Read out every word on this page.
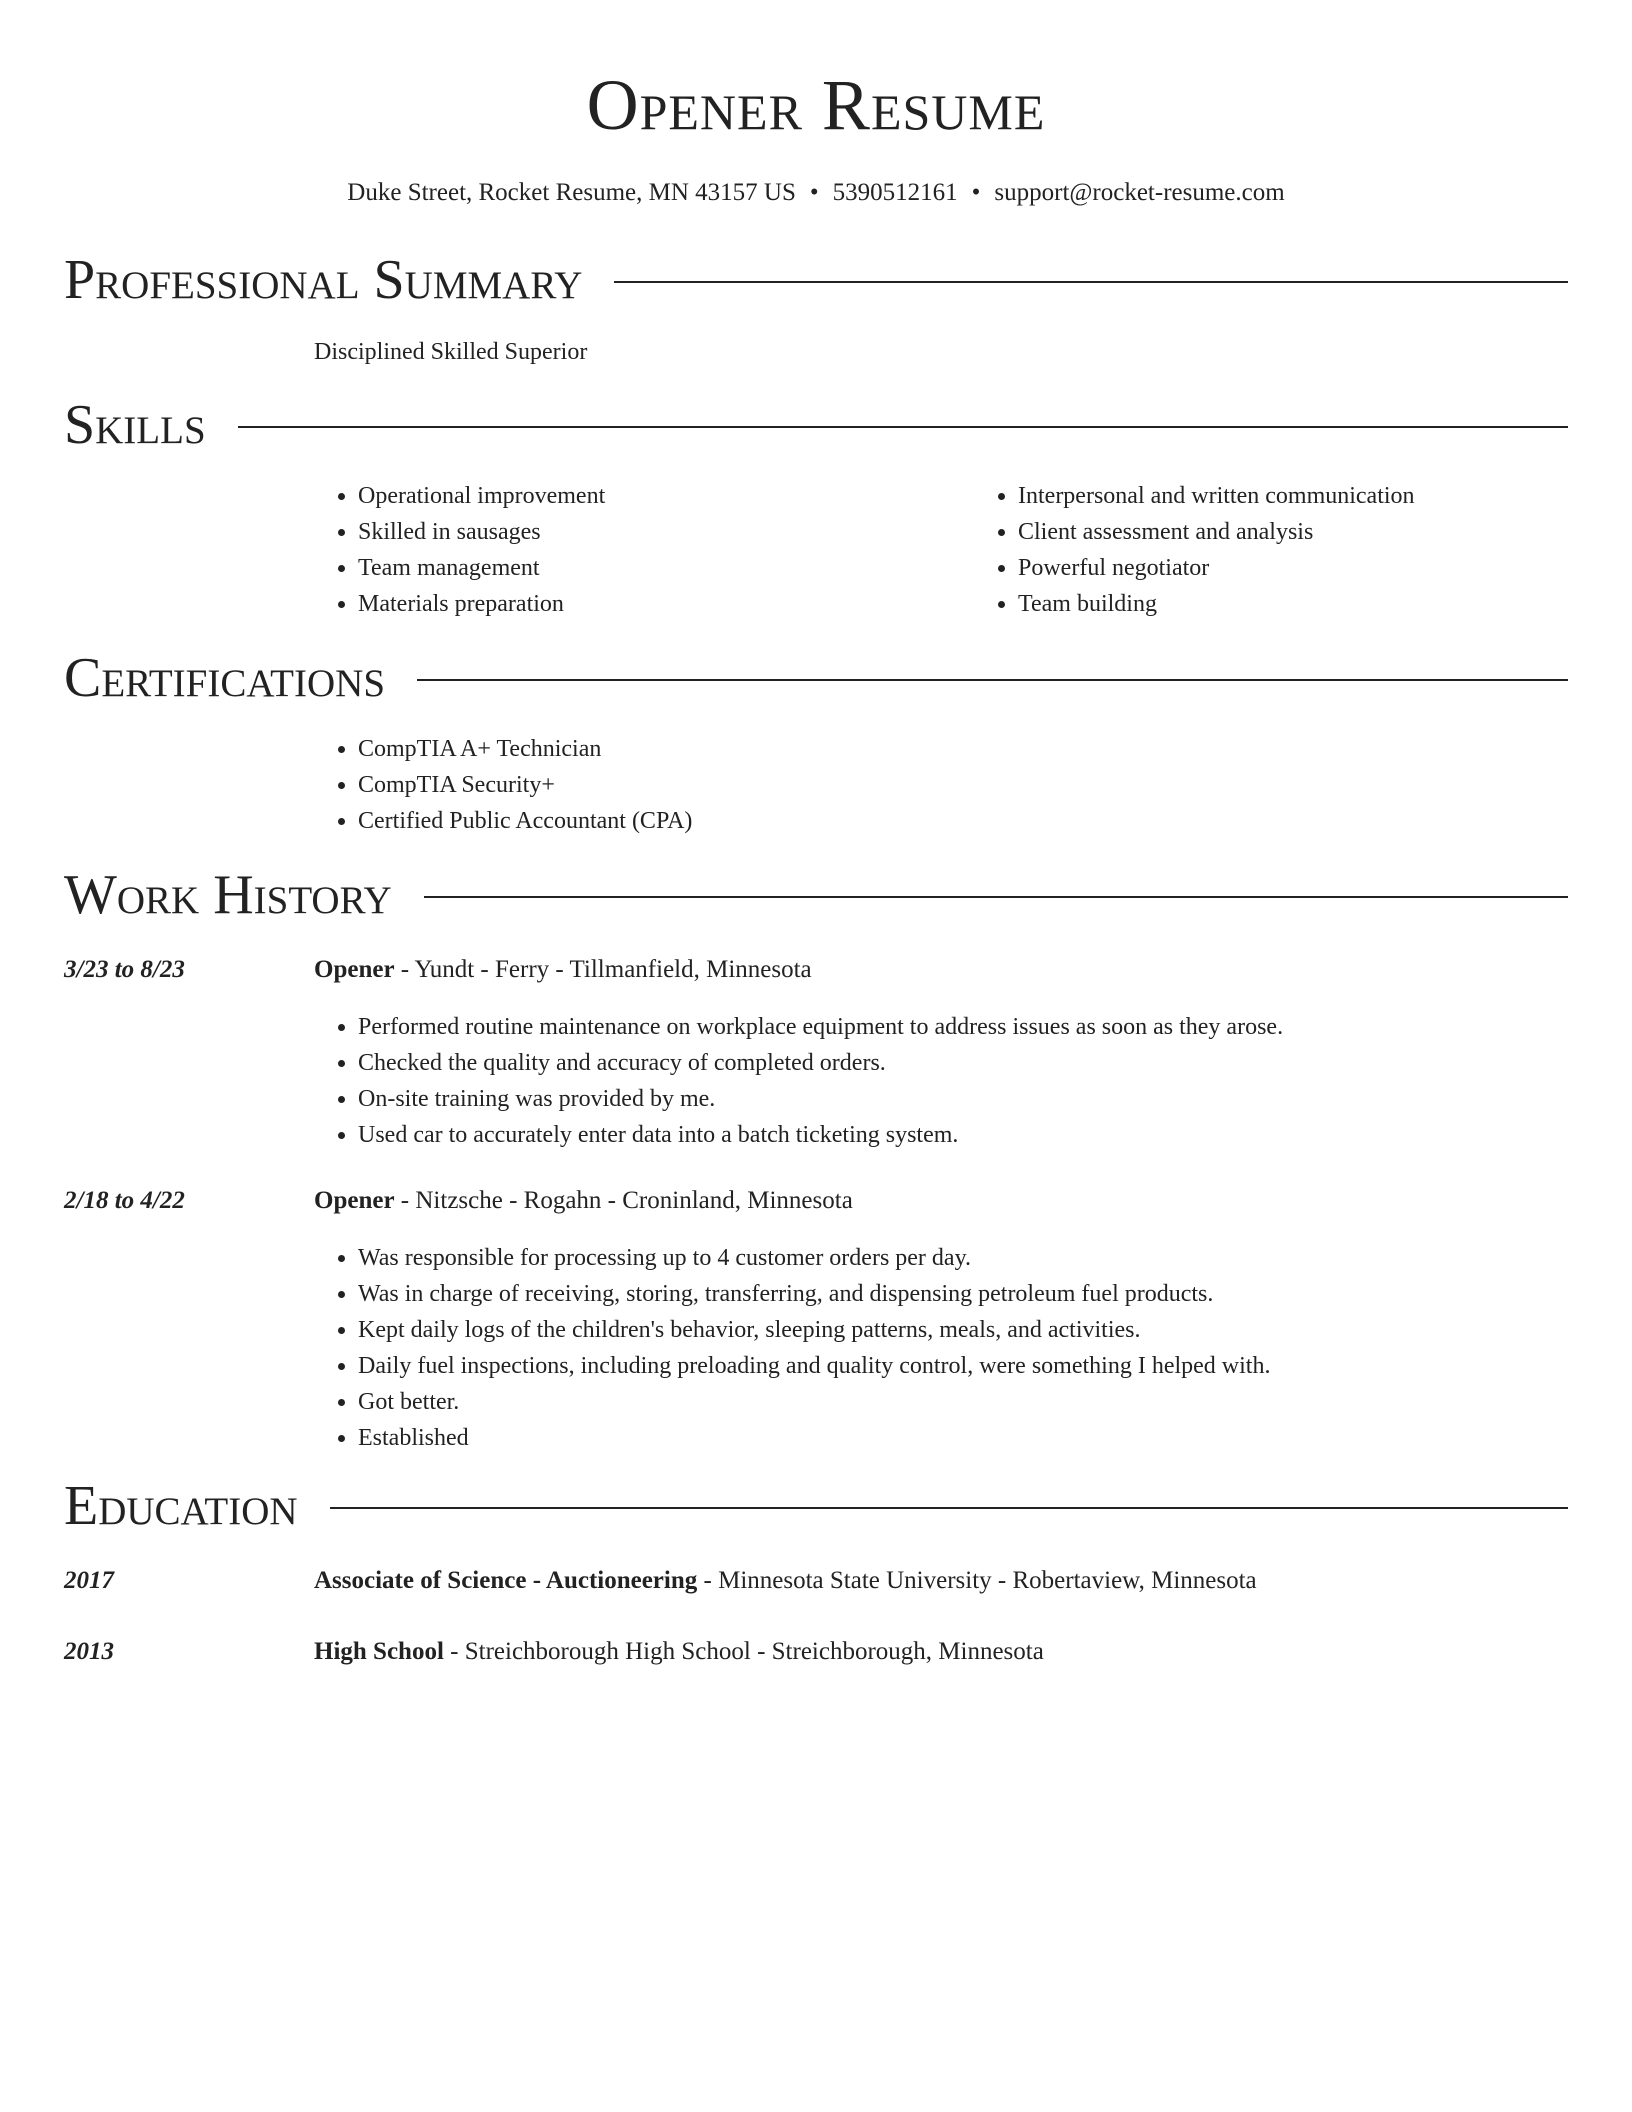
Opener Resume
Duke Street, Rocket Resume, MN 43157 US • 5390512161 • support@rocket-resume.com
Professional Summary
Disciplined Skilled Superior
Skills
• Operational improvement
• Skilled in sausages
• Team management
• Materials preparation
• Interpersonal and written communication
• Client assessment and analysis
• Powerful negotiator
• Team building
Certifications
• CompTIA A+ Technician
• CompTIA Security+
• Certified Public Accountant (CPA)
Work History
3/23 to 8/23	Opener - Yundt - Ferry - Tillmanfield, Minnesota
• Performed routine maintenance on workplace equipment to address issues as soon as they arose.
• Checked the quality and accuracy of completed orders.
• On-site training was provided by me.
• Used car to accurately enter data into a batch ticketing system.
2/18 to 4/22	Opener - Nitzsche - Rogahn - Croninland, Minnesota
• Was responsible for processing up to 4 customer orders per day.
• Was in charge of receiving, storing, transferring, and dispensing petroleum fuel products.
• Kept daily logs of the children's behavior, sleeping patterns, meals, and activities.
• Daily fuel inspections, including preloading and quality control, were something I helped with.
• Got better.
• Established
Education
2017	Associate of Science - Auctioneering - Minnesota State University - Robertaview, Minnesota
2013	High School - Streichborough High School - Streichborough, Minnesota
